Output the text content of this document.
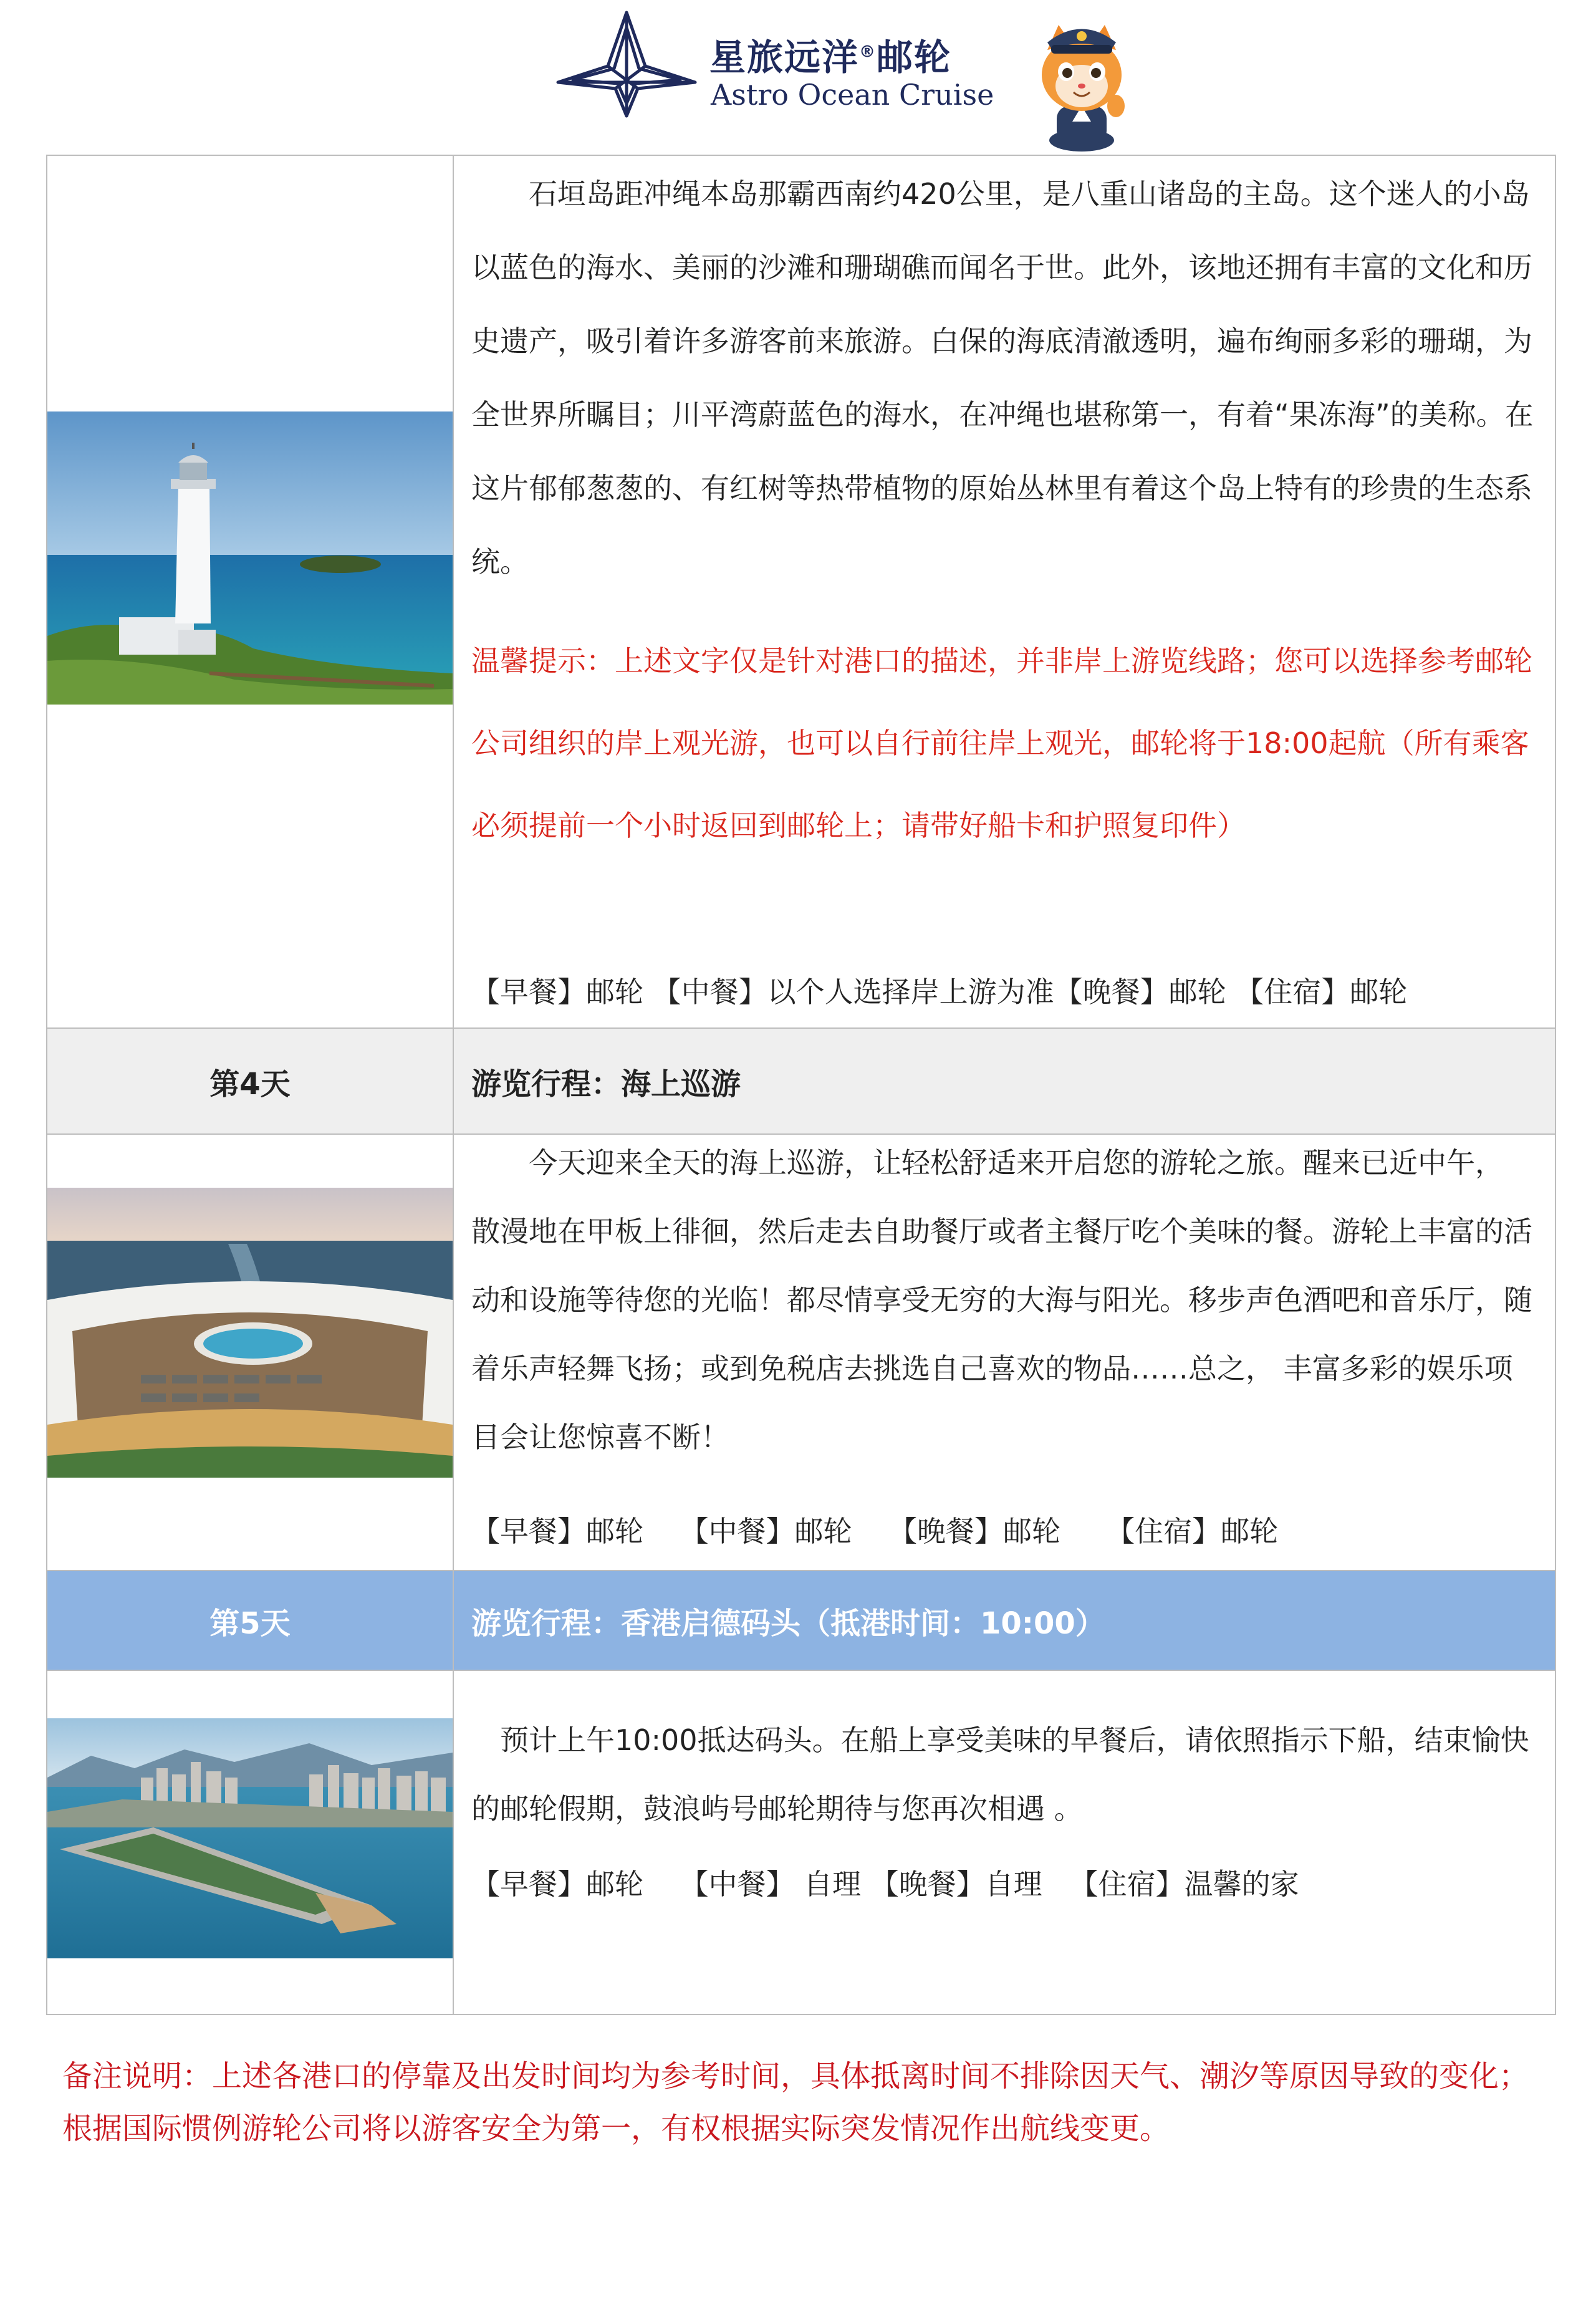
星旅远洋®邮轮
Astro Ocean Cruise

石垣岛距冲绳本岛那霸西南约420公里，是八重山诸岛的主岛。这个迷人的小岛以蓝色的海水、美丽的沙滩和珊瑚礁而闻名于世。此外，该地还拥有丰富的文化和历史遗产，吸引着许多游客前来旅游。白保的海底清澈透明，遍布绚丽多彩的珊瑚，为全世界所瞩目；川平湾蔚蓝色的海水，在冲绳也堪称第一，有着“果冻海”的美称。在这片郁郁葱葱的、有红树等热带植物的原始丛林里有着这个岛上特有的珍贵的生态系统。

温馨提示：上述文字仅是针对港口的描述，并非岸上游览线路；您可以选择参考邮轮公司组织的岸上观光游，也可以自行前往岸上观光，邮轮将于18:00起航（所有乘客必须提前一个小时返回到邮轮上；请带好船卡和护照复印件）

【早餐】邮轮 【中餐】以个人选择岸上游为准【晚餐】邮轮 【住宿】邮轮
第4天	游览行程：海上巡游

今天迎来全天的海上巡游，让轻松舒适来开启您的游轮之旅。醒来已近中午， 散漫地在甲板上徘徊，然后走去自助餐厅或者主餐厅吃个美味的餐。游轮上丰富的活动和设施等待您的光临！都尽情享受无穷的大海与阳光。移步声色酒吧和音乐厅，随着乐声轻舞飞扬；或到免税店去挑选自己喜欢的物品……总之， 丰富多彩的娱乐项目会让您惊喜不断！

【早餐】邮轮    【中餐】邮轮    【晚餐】邮轮     【住宿】邮轮
第5天	游览行程：香港启德码头（抵港时间：10:00）

预计上午10:00抵达码头。在船上享受美味的早餐后，请依照指示下船，结束愉快的邮轮假期，鼓浪屿号邮轮期待与您再次相遇 。

【早餐】邮轮    【中餐】 自理 【晚餐】自理   【住宿】温馨的家

备注说明：上述各港口的停靠及出发时间均为参考时间，具体抵离时间不排除因天气、潮汐等原因导致的变化；根据国际惯例游轮公司将以游客安全为第一，有权根据实际突发情况作出航线变更。
